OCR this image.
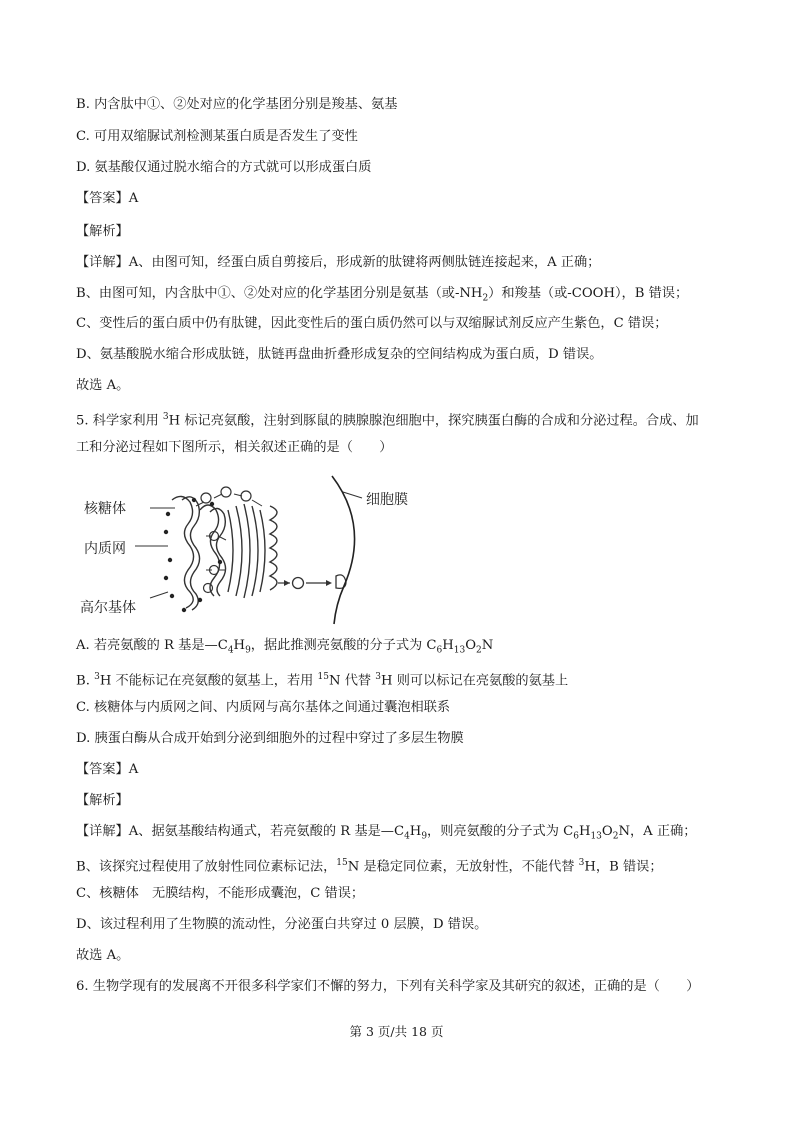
B. 内含肽中①、②处对应的化学基团分别是羧基、氨基
C. 可用双缩脲试剂检测某蛋白质是否发生了变性
D. 氨基酸仅通过脱水缩合的方式就可以形成蛋白质
【答案】A
【解析】
【详解】A、由图可知，经蛋白质自剪接后，形成新的肽键将两侧肽链连接起来，A 正确；
B、由图可知，内含肽中①、②处对应的化学基团分别是氨基（或$-NH_2$）和羧基（或-COOH），B 错误；
C、变性后的蛋白质中仍有肽键，因此变性后的蛋白质仍然可以与双缩脲试剂反应产生紫色，C 错误；
D、氨基酸脱水缩合形成肽链，肽链再盘曲折叠形成复杂的空间结构成为蛋白质，D 错误。
故选 A。
5. 科学家利用 $^3$H 标记亮氨酸，注射到豚鼠的胰腺腺泡细胞中，探究胰蛋白酶的合成和分泌过程。合成、加
工和分泌过程如下图所示，相关叙述正确的是（　　）
核糖体
内质网
高尔基体
细胞膜
A. 若亮氨酸的 R 基是$—C_4H_9$，据此推测亮氨酸的分子式为 $C_6H_{13}O_2N$
B. $^3$H 不能标记在亮氨酸的氨基上，若用 $^{15}$N 代替 $^3$H 则可以标记在亮氨酸的氨基上
C. 核糖体与内质网之间、内质网与高尔基体之间通过囊泡相联系
D. 胰蛋白酶从合成开始到分泌到细胞外的过程中穿过了多层生物膜
【答案】A
【解析】
【详解】A、据氨基酸结构通式，若亮氨酸的 R 基是$—C_4H_9$，则亮氨酸的分子式为 $C_6H_{13}O_2N$，A 正确；
B、该探究过程使用了放射性同位素标记法，$^{15}$N 是稳定同位素，无放射性，不能代替 $^3$H，B 错误；
C、核糖体　无膜结构，不能形成囊泡，C 错误；
D、该过程利用了生物膜的流动性，分泌蛋白共穿过 0 层膜，D 错误。
故选 A。
6. 生物学现有的发展离不开很多科学家们不懈的努力，下列有关科学家及其研究的叙述，正确的是（　　）
第 3 页/共 18 页
